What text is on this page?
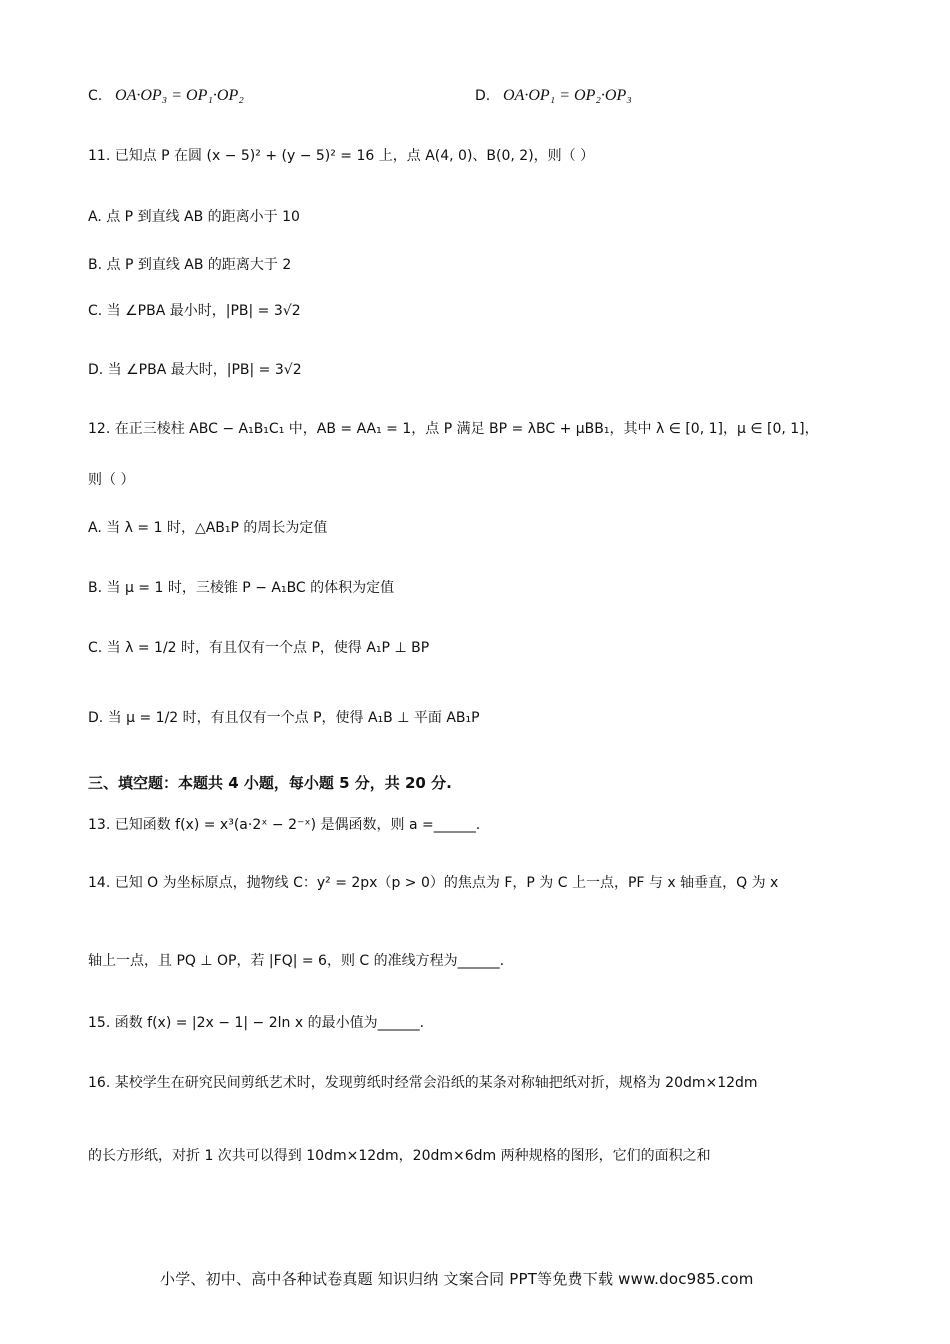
C. OA·OP₃ = OP₁·OP₂	D. OA·OP₁ = OP₂·OP₃
11. 已知点 P 在圆 (x − 5)² + (y − 5)² = 16 上，点 A(4, 0)、B(0, 2)，则（ ）
A. 点 P 到直线 AB 的距离小于 10
B. 点 P 到直线 AB 的距离大于 2
C. 当 ∠PBA 最小时，|PB| = 3√2
D. 当 ∠PBA 最大时，|PB| = 3√2
12. 在正三棱柱 ABC − A₁B₁C₁ 中，AB = AA₁ = 1，点 P 满足 BP = λBC + μBB₁，其中 λ ∈ [0, 1]，μ ∈ [0, 1]，
则（ ）
A. 当 λ = 1 时，△AB₁P 的周长为定值
B. 当 μ = 1 时，三棱锥 P − A₁BC 的体积为定值
C. 当 λ = 1/2 时，有且仅有一个点 P，使得 A₁P ⊥ BP
D. 当 μ = 1/2 时，有且仅有一个点 P，使得 A₁B ⊥ 平面 AB₁P
三、填空题：本题共 4 小题，每小题 5 分，共 20 分.
13. 已知函数 f(x) = x³(a·2ˣ − 2⁻ˣ) 是偶函数，则 a =______.
14. 已知 O 为坐标原点，抛物线 C：y² = 2px（p > 0）的焦点为 F，P 为 C 上一点，PF 与 x 轴垂直，Q 为 x
轴上一点，且 PQ ⊥ OP，若 |FQ| = 6，则 C 的准线方程为______.
15. 函数 f(x) = |2x − 1| − 2ln x 的最小值为______.
16. 某校学生在研究民间剪纸艺术时，发现剪纸时经常会沿纸的某条对称轴把纸对折，规格为 20dm×12dm
的长方形纸，对折 1 次共可以得到 10dm×12dm，20dm×6dm 两种规格的图形，它们的面积之和
小学、初中、高中各种试卷真题 知识归纳 文案合同 PPT等免费下载 www.doc985.com
